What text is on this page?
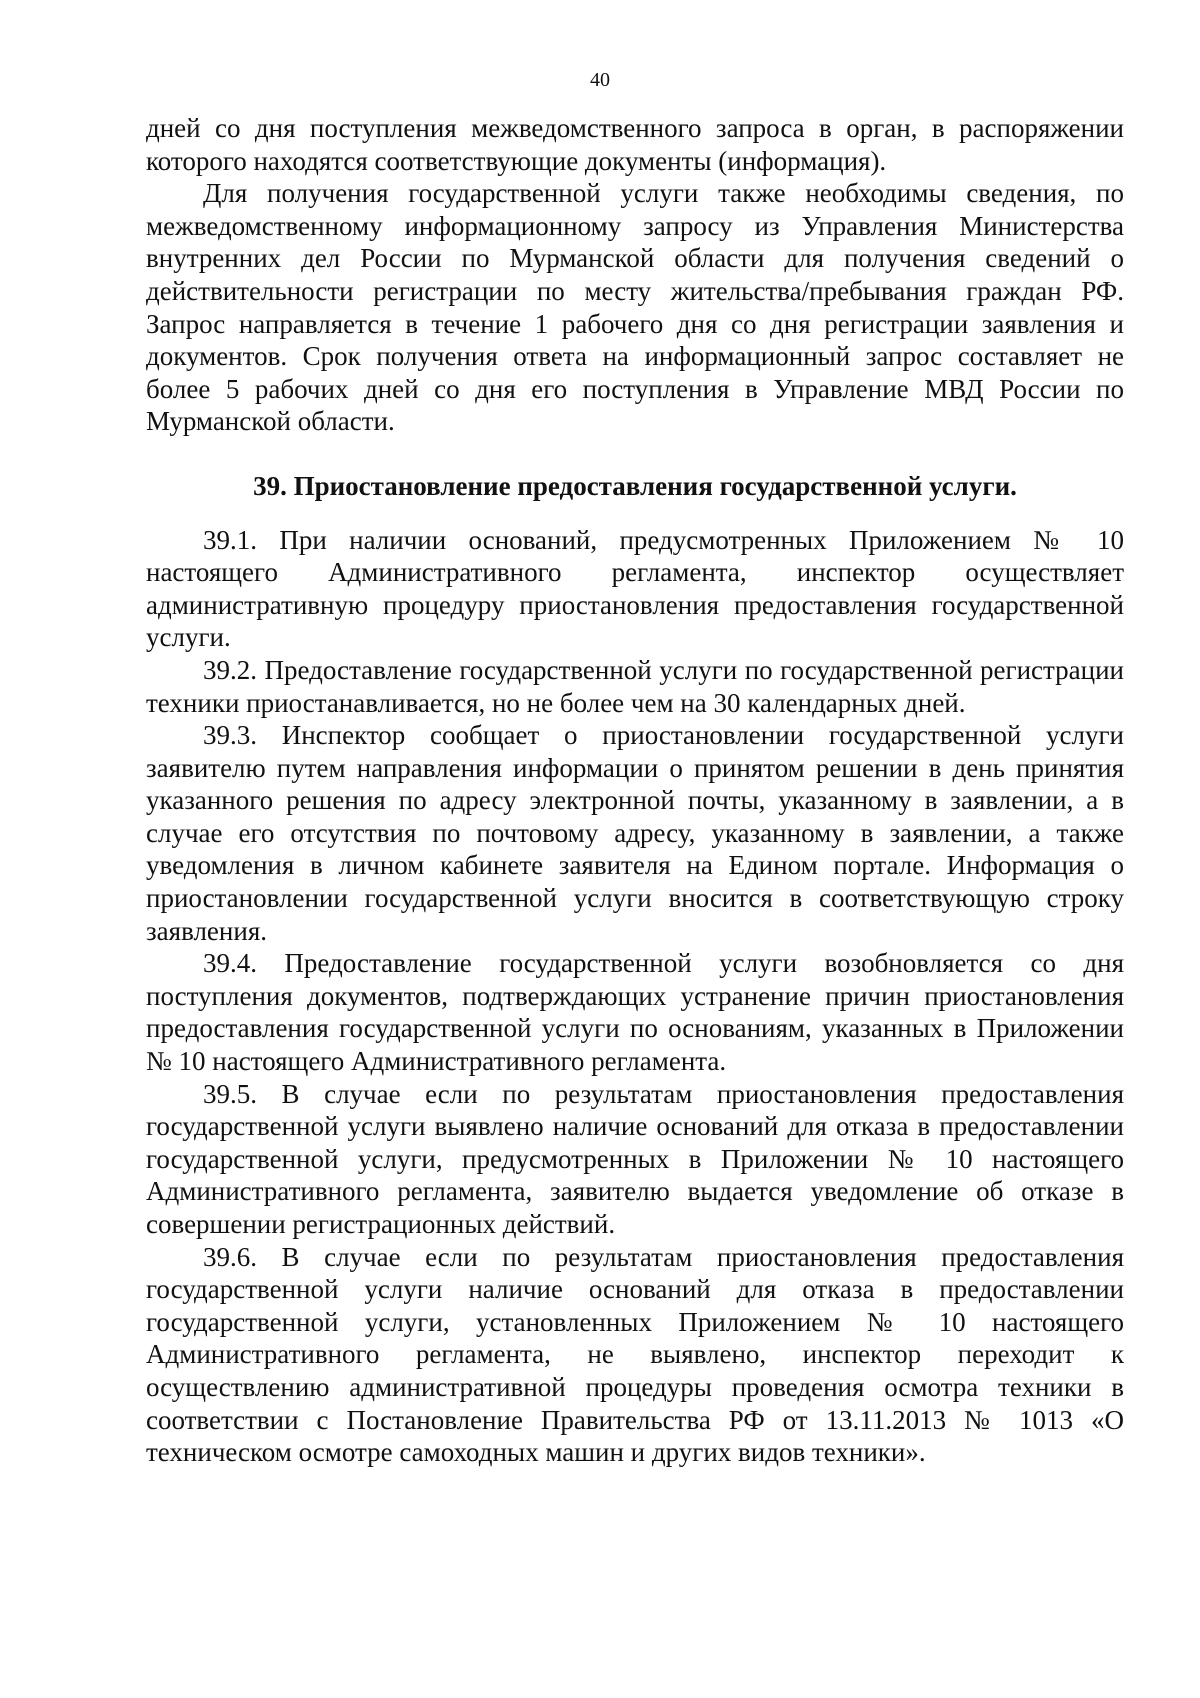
40

дней со дня поступления межведомственного запроса в орган, в распоряжении которого находятся соответствующие документы (информация).

Для получения государственной услуги также необходимы сведения, по межведомственному информационному запросу из Управления Министерства внутренних дел России по Мурманской области для получения сведений о действительности регистрации по месту жительства/пребывания граждан РФ. Запрос направляется в течение 1 рабочего дня со дня регистрации заявления и документов. Срок получения ответа на информационный запрос составляет не более 5 рабочих дней со дня его поступления в Управление МВД России по Мурманской области.

39. Приостановление предоставления государственной услуги.

39.1. При наличии оснований, предусмотренных Приложением № 10 настоящего Административного регламента, инспектор осуществляет административную процедуру приостановления предоставления государственной услуги.

39.2. Предоставление государственной услуги по государственной регистрации техники приостанавливается, но не более чем на 30 календарных дней.

39.3. Инспектор сообщает о приостановлении государственной услуги заявителю путем направления информации о принятом решении в день принятия указанного решения по адресу электронной почты, указанному в заявлении, а в случае его отсутствия по почтовому адресу, указанному в заявлении, а также уведомления в личном кабинете заявителя на Едином портале. Информация о приостановлении государственной услуги вносится в соответствующую строку заявления.

39.4. Предоставление государственной услуги возобновляется со дня поступления документов, подтверждающих устранение причин приостановления предоставления государственной услуги по основаниям, указанных в Приложении № 10 настоящего Административного регламента.

39.5. В случае если по результатам приостановления предоставления государственной услуги выявлено наличие оснований для отказа в предоставлении государственной услуги, предусмотренных в Приложении № 10 настоящего Административного регламента, заявителю выдается уведомление об отказе в совершении регистрационных действий.

39.6. В случае если по результатам приостановления предоставления государственной услуги наличие оснований для отказа в предоставлении государственной услуги, установленных Приложением № 10 настоящего Административного регламента, не выявлено, инспектор переходит к осуществлению административной процедуры проведения осмотра техники в соответствии с Постановление Правительства РФ от 13.11.2013 № 1013 «О техническом осмотре самоходных машин и других видов техники».
